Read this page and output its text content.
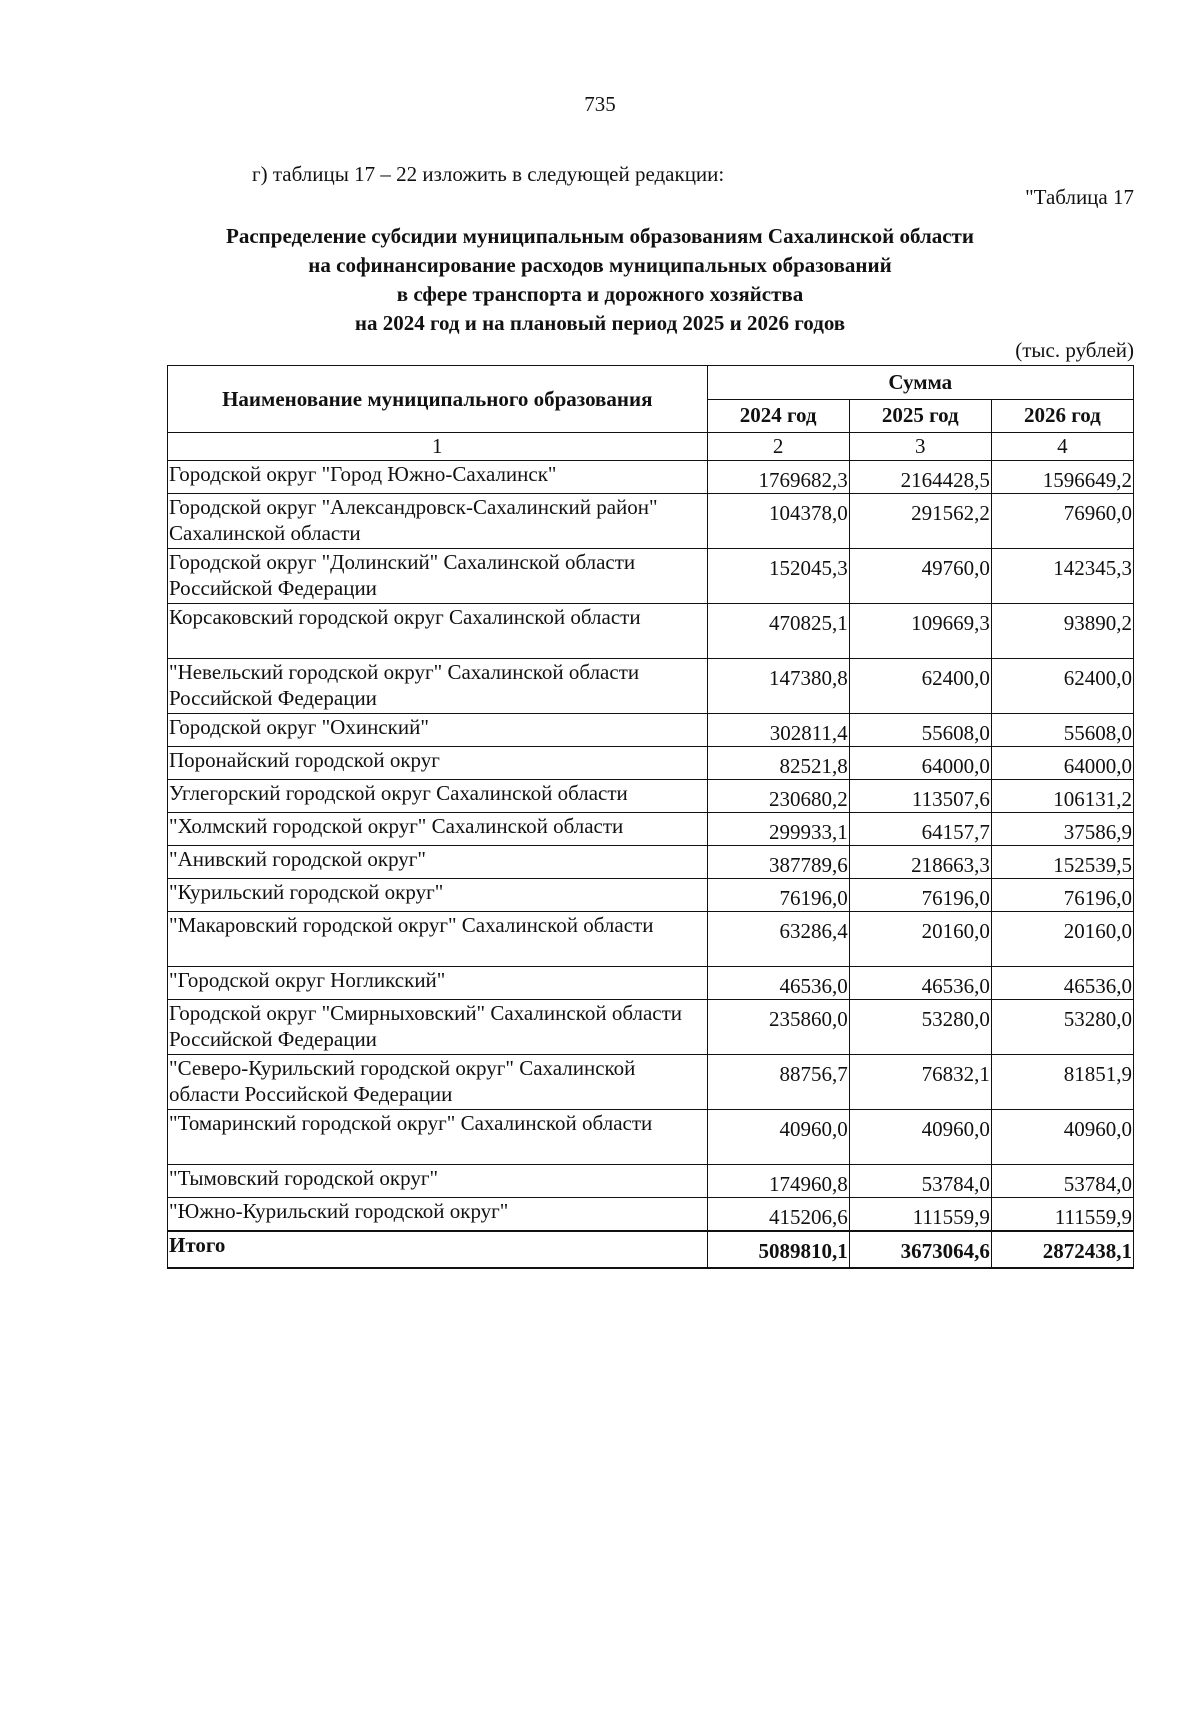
735
г) таблицы 17 – 22 изложить в следующей редакции:
"Таблица 17
Распределение субсидии муниципальным образованиям Сахалинской области
на софинансирование расходов муниципальных образований
в сфере транспорта и дорожного хозяйства
на 2024 год и на плановый период 2025 и 2026 годов
(тыс. рублей)
Наименование муниципального образования	Сумма		
	2024 год	2025 год	2026 год
1	2	3	4
Городской округ "Город Южно-Сахалинск"	1769682,3	2164428,5	1596649,2
Городской округ "Александровск-Сахалинский район" Сахалинской области	104378,0	291562,2	76960,0
Городской округ "Долинский" Сахалинской области Российской Федерации	152045,3	49760,0	142345,3
Корсаковский городской округ Сахалинской области	470825,1	109669,3	93890,2
"Невельский городской округ" Сахалинской области Российской Федерации	147380,8	62400,0	62400,0
Городской округ "Охинский"	302811,4	55608,0	55608,0
Поронайский городской округ	82521,8	64000,0	64000,0
Углегорский городской округ Сахалинской области	230680,2	113507,6	106131,2
"Холмский городской округ" Сахалинской области	299933,1	64157,7	37586,9
"Анивский городской округ"	387789,6	218663,3	152539,5
"Курильский городской округ"	76196,0	76196,0	76196,0
"Макаровский городской округ" Сахалинской области	63286,4	20160,0	20160,0
"Городской округ Ногликский"	46536,0	46536,0	46536,0
Городской округ "Смирныховский" Сахалинской области Российской Федерации	235860,0	53280,0	53280,0
"Северо-Курильский городской округ" Сахалинской области Российской Федерации	88756,7	76832,1	81851,9
"Томаринский городской округ" Сахалинской области	40960,0	40960,0	40960,0
"Тымовский городской округ"	174960,8	53784,0	53784,0
"Южно-Курильский городской округ"	415206,6	111559,9	111559,9
Итого	5089810,1	3673064,6	2872438,1
